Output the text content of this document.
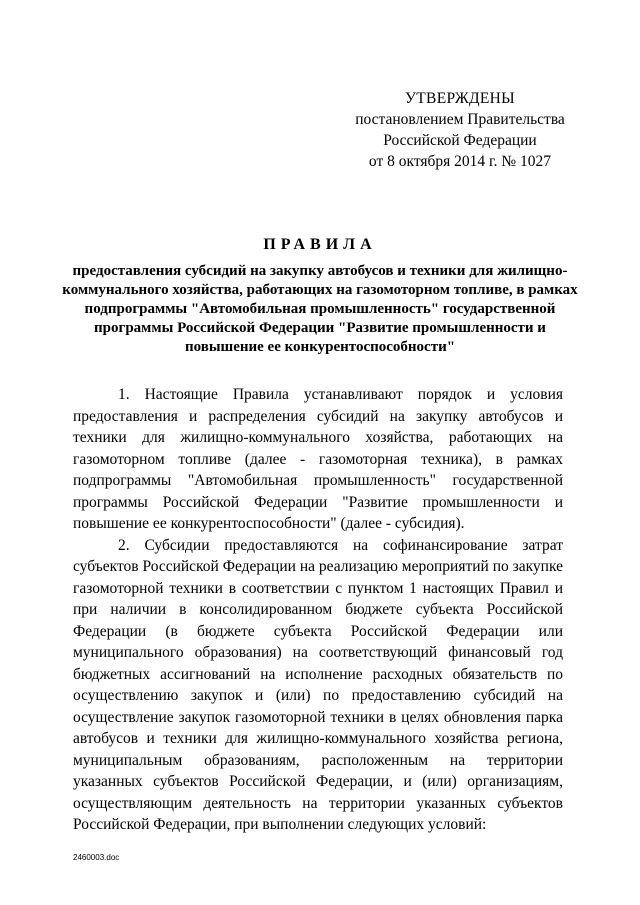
УТВЕРЖДЕНЫ
постановлением Правительства
Российской Федерации
от 8 октября 2014 г. № 1027
ПРАВИЛА
предоставления субсидий на закупку автобусов и техники для жилищно-коммунального хозяйства, работающих на газомоторном топливе, в рамках подпрограммы "Автомобильная промышленность" государственной программы Российской Федерации "Развитие промышленности и повышение ее конкурентоспособности"

1. Настоящие Правила устанавливают порядок и условия предоставления и распределения субсидий на закупку автобусов и техники для жилищно-коммунального хозяйства, работающих на газомоторном топливе (далее - газомоторная техника), в рамках подпрограммы "Автомобильная промышленность" государственной программы Российской Федерации "Развитие промышленности и повышение ее конкурентоспособности" (далее - субсидия).

2. Субсидии предоставляются на софинансирование затрат субъектов Российской Федерации на реализацию мероприятий по закупке газомоторной техники в соответствии с пунктом 1 настоящих Правил и при наличии в консолидированном бюджете субъекта Российской Федерации (в бюджете субъекта Российской Федерации или муниципального образования) на соответствующий финансовый год бюджетных ассигнований на исполнение расходных обязательств по осуществлению закупок и (или) по предоставлению субсидий на осуществление закупок газомоторной техники в целях обновления парка автобусов и техники для жилищно-коммунального хозяйства региона, муниципальным образованиям, расположенным на территории указанных субъектов Российской Федерации, и (или) организациям, осуществляющим деятельность на территории указанных субъектов Российской Федерации, при выполнении следующих условий:

2460003.doc
